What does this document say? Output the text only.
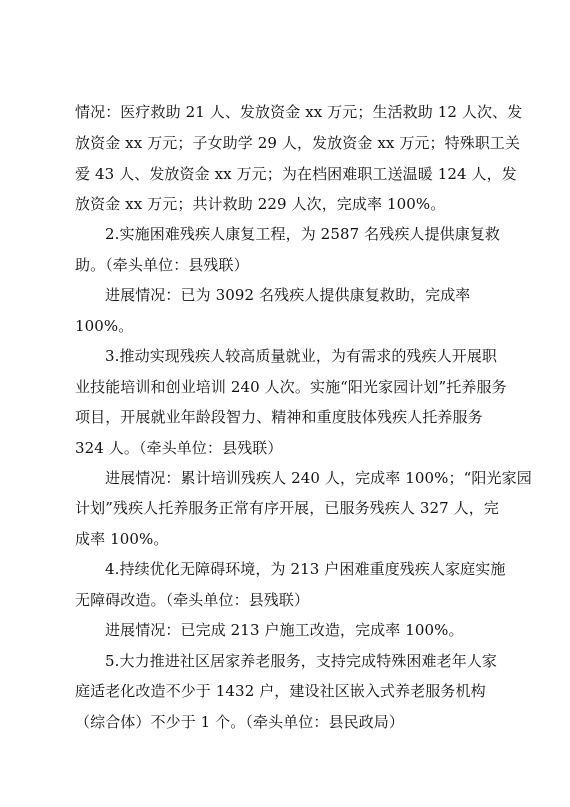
情况：医疗救助 21 人、发放资金 xx 万元；生活救助 12 人次、发
放资金 xx 万元；子女助学 29 人，发放资金 xx 万元；特殊职工关
爱 43 人、发放资金 xx 万元；为在档困难职工送温暖 124 人，发
放资金 xx 万元；共计救助 229 人次，完成率 100%。
2.实施困难残疾人康复工程，为 2587 名残疾人提供康复救
助。（牵头单位：县残联）
进展情况：已为 3092 名残疾人提供康复救助，完成率
100%。
3.推动实现残疾人较高质量就业，为有需求的残疾人开展职
业技能培训和创业培训 240 人次。实施“阳光家园计划”托养服务
项目，开展就业年龄段智力、精神和重度肢体残疾人托养服务
324 人。（牵头单位：县残联）
进展情况：累计培训残疾人 240 人，完成率 100%；“阳光家园
计划”残疾人托养服务正常有序开展，已服务残疾人 327 人，完
成率 100%。
4.持续优化无障碍环境，为 213 户困难重度残疾人家庭实施
无障碍改造。（牵头单位：县残联）
进展情况：已完成 213 户施工改造，完成率 100%。
5.大力推进社区居家养老服务，支持完成特殊困难老年人家
庭适老化改造不少于 1432 户，建设社区嵌入式养老服务机构
（综合体）不少于 1 个。（牵头单位：县民政局）
